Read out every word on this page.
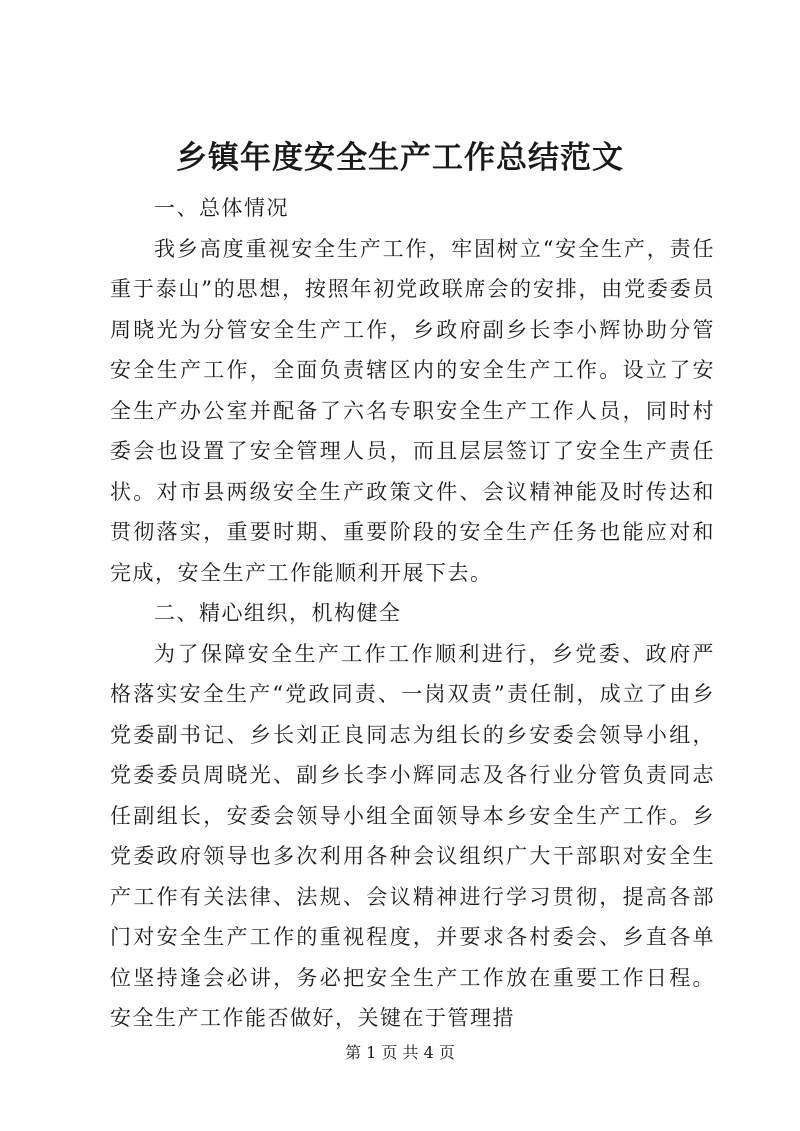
乡镇年度安全生产工作总结范文

一、总体情况

我乡高度重视安全生产工作，牢固树立“安全生产，责任重于泰山”的思想，按照年初党政联席会的安排，由党委委员周晓光为分管安全生产工作，乡政府副乡长李小辉协助分管安全生产工作，全面负责辖区内的安全生产工作。设立了安全生产办公室并配备了六名专职安全生产工作人员，同时村委会也设置了安全管理人员，而且层层签订了安全生产责任状。对市县两级安全生产政策文件、会议精神能及时传达和贯彻落实，重要时期、重要阶段的安全生产任务也能应对和完成，安全生产工作能顺利开展下去。

二、精心组织，机构健全

为了保障安全生产工作工作顺利进行，乡党委、政府严格落实安全生产“党政同责、一岗双责”责任制，成立了由乡党委副书记、乡长刘正良同志为组长的乡安委会领导小组，党委委员周晓光、副乡长李小辉同志及各行业分管负责同志任副组长，安委会领导小组全面领导本乡安全生产工作。乡党委政府领导也多次利用各种会议组织广大干部职对安全生产工作有关法律、法规、会议精神进行学习贯彻，提高各部门对安全生产工作的重视程度，并要求各村委会、乡直各单位坚持逢会必讲，务必把安全生产工作放在重要工作日程。安全生产工作能否做好，关键在于管理措

第 1 页 共 4 页
